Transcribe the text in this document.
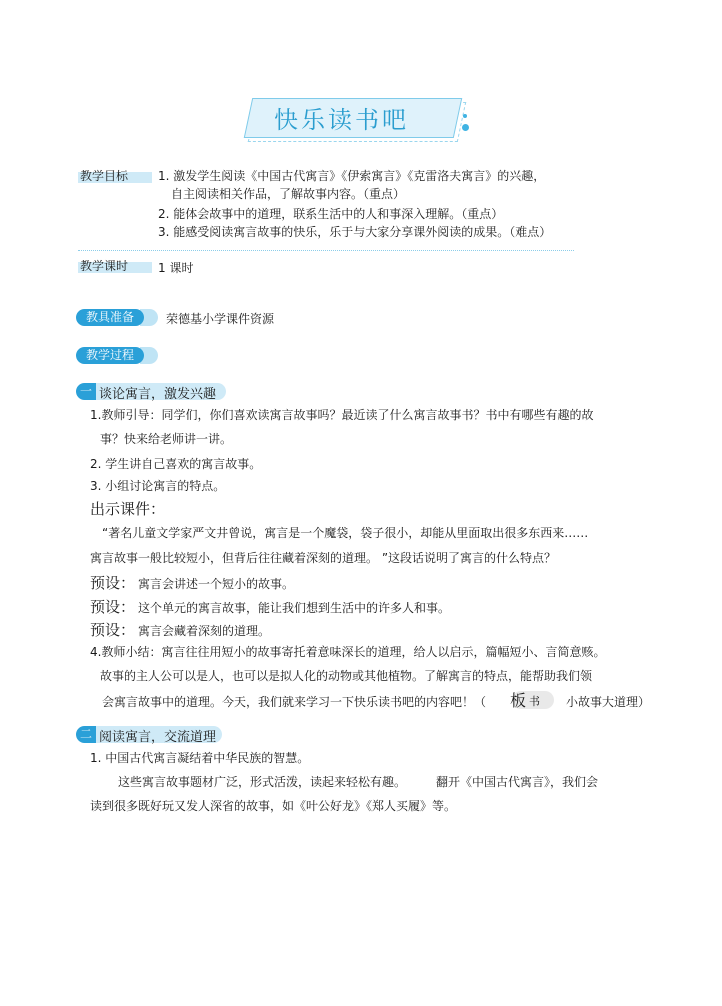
快乐读书吧
教学目标 1. 激发学生阅读《中国古代寓言》《伊索寓言》《克雷洛夫寓言》的兴趣，
自主阅读相关作品，了解故事内容。（重点）
2. 能体会故事中的道理，联系生活中的人和事深入理解。（重点）
3. 能感受阅读寓言故事的快乐，乐于与大家分享课外阅读的成果。（难点）
教学课时 1 课时
教具准备	荣德基小学课件资源
教学过程
一 谈论寓言，激发兴趣
1.教师引导：同学们，你们喜欢读寓言故事吗？最近读了什么寓言故事书？书中有哪些有趣的故
事？快来给老师讲一讲。
2. 学生讲自己喜欢的寓言故事。
3. 小组讨论寓言的特点。
出示课件：
“著名儿童文学家严文井曾说，寓言是一个魔袋，袋子很小，却能从里面取出很多东西来……
寓言故事一般比较短小，但背后往往藏着深刻的道理。 ”这段话说明了寓言的什么特点？
预设： 寓言会讲述一个短小的故事。
预设： 这个单元的寓言故事，能让我们想到生活中的许多人和事。
预设： 寓言会藏着深刻的道理。
4.教师小结：寓言往往用短小的故事寄托着意味深长的道理，给人以启示，篇幅短小、言简意赅。
故事的主人公可以是人，也可以是拟人化的动物或其他植物。了解寓言的特点，能帮助我们领
会寓言故事中的道理。今天，我们就来学习一下快乐读书吧的内容吧！（ 板 书 小故事大道理）
二 阅读寓言，交流道理
1. 中国古代寓言凝结着中华民族的智慧。
这些寓言故事题材广泛，形式活泼，读起来轻松有趣。 翻开《中国古代寓言》，我们会
读到很多既好玩又发人深省的故事，如《叶公好龙》《郑人买履》等。
